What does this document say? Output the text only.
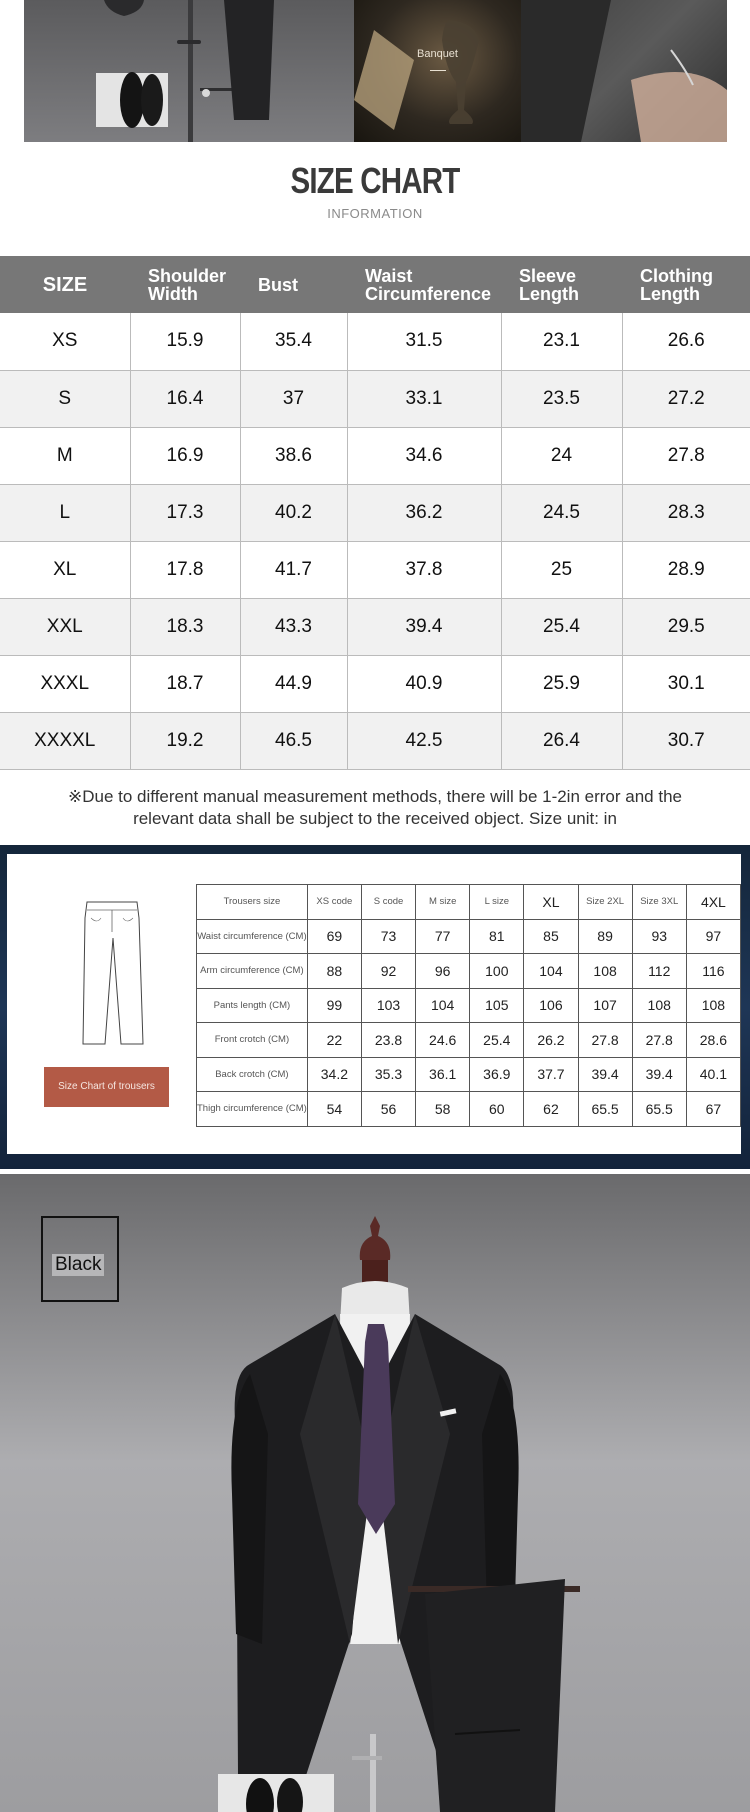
Banquet
SIZE CHART
INFORMATION
SIZE	Shoulder Width	Bust	Waist Circumference	Sleeve Length	Clothing Length
XS	15.9	35.4	31.5	23.1	26.6
S	16.4	37	33.1	23.5	27.2
M	16.9	38.6	34.6	24	27.8
L	17.3	40.2	36.2	24.5	28.3
XL	17.8	41.7	37.8	25	28.9
XXL	18.3	43.3	39.4	25.4	29.5
XXXL	18.7	44.9	40.9	25.9	30.1
XXXXL	19.2	46.5	42.5	26.4	30.7
※Due to different manual measurement methods, there will be 1-2in error and the relevant data shall be subject to the received object. Size unit: in
Size Chart of trousers
Trousers size	XS code	S code	M size	L size	XL	Size 2XL	Size 3XL	4XL
Waist circumference (CM)	69	73	77	81	85	89	93	97
Arm circumference (CM)	88	92	96	100	104	108	112	116
Pants length (CM)	99	103	104	105	106	107	108	108
Front crotch (CM)	22	23.8	24.6	25.4	26.2	27.8	27.8	28.6
Back crotch (CM)	34.2	35.3	36.1	36.9	37.7	39.4	39.4	40.1
Thigh circumference (CM)	54	56	58	60	62	65.5	65.5	67
Black
